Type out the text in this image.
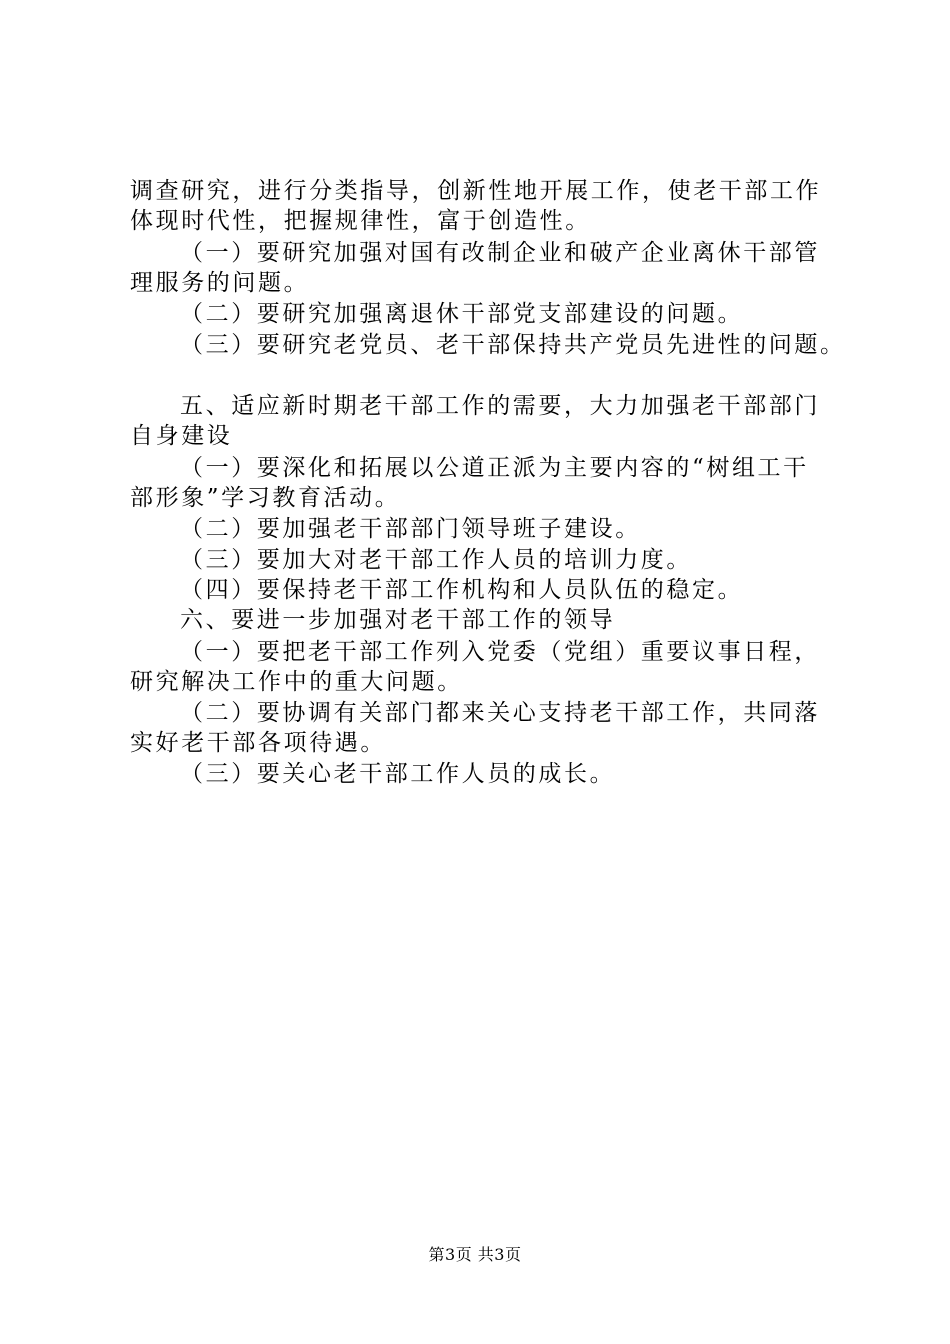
调查研究，进行分类指导，创新性地开展工作，使老干部工作
体现时代性，把握规律性，富于创造性。
（一）要研究加强对国有改制企业和破产企业离休干部管
理服务的问题。
（二）要研究加强离退休干部党支部建设的问题。
（三）要研究老党员、老干部保持共产党员先进性的问题。
五、适应新时期老干部工作的需要，大力加强老干部部门
自身建设
（一）要深化和拓展以公道正派为主要内容的“树组工干
部形象”学习教育活动。
（二）要加强老干部部门领导班子建设。
（三）要加大对老干部工作人员的培训力度。
（四）要保持老干部工作机构和人员队伍的稳定。
六、要进一步加强对老干部工作的领导
（一）要把老干部工作列入党委（党组）重要议事日程，
研究解决工作中的重大问题。
（二）要协调有关部门都来关心支持老干部工作，共同落
实好老干部各项待遇。
（三）要关心老干部工作人员的成长。
第3页 共3页
